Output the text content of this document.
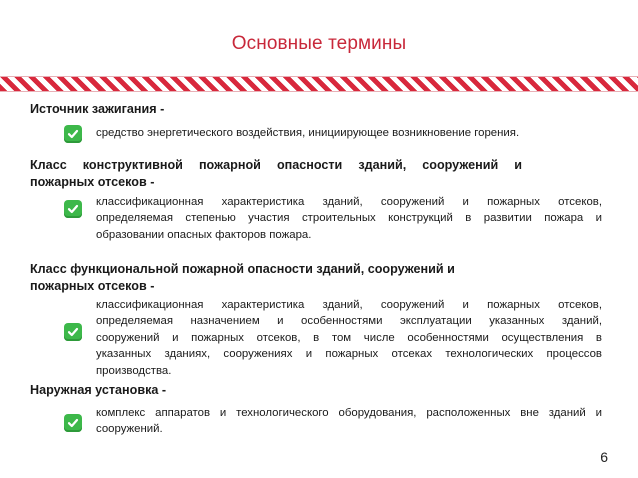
Основные термины
Источник зажигания -
средство энергетического воздействия, инициирующее возникновение горения.
Класс конструктивной пожарной опасности зданий, сооружений и
пожарных отсеков -
классификационная характеристика зданий, сооружений и пожарных отсеков,
определяемая степенью участия строительных конструкций в развитии пожара и
образовании опасных факторов пожара.
Класс функциональной пожарной опасности зданий, сооружений и
пожарных отсеков -
классификационная характеристика зданий, сооружений и пожарных отсеков,
определяемая назначением и особенностями эксплуатации указанных зданий,
сооружений и пожарных отсеков, в том числе особенностями осуществления в
указанных зданиях, сооружениях и пожарных отсеках технологических процессов
производства.
Наружная установка -
комплекс аппаратов и технологического оборудования, расположенных вне зданий и
сооружений.
6
